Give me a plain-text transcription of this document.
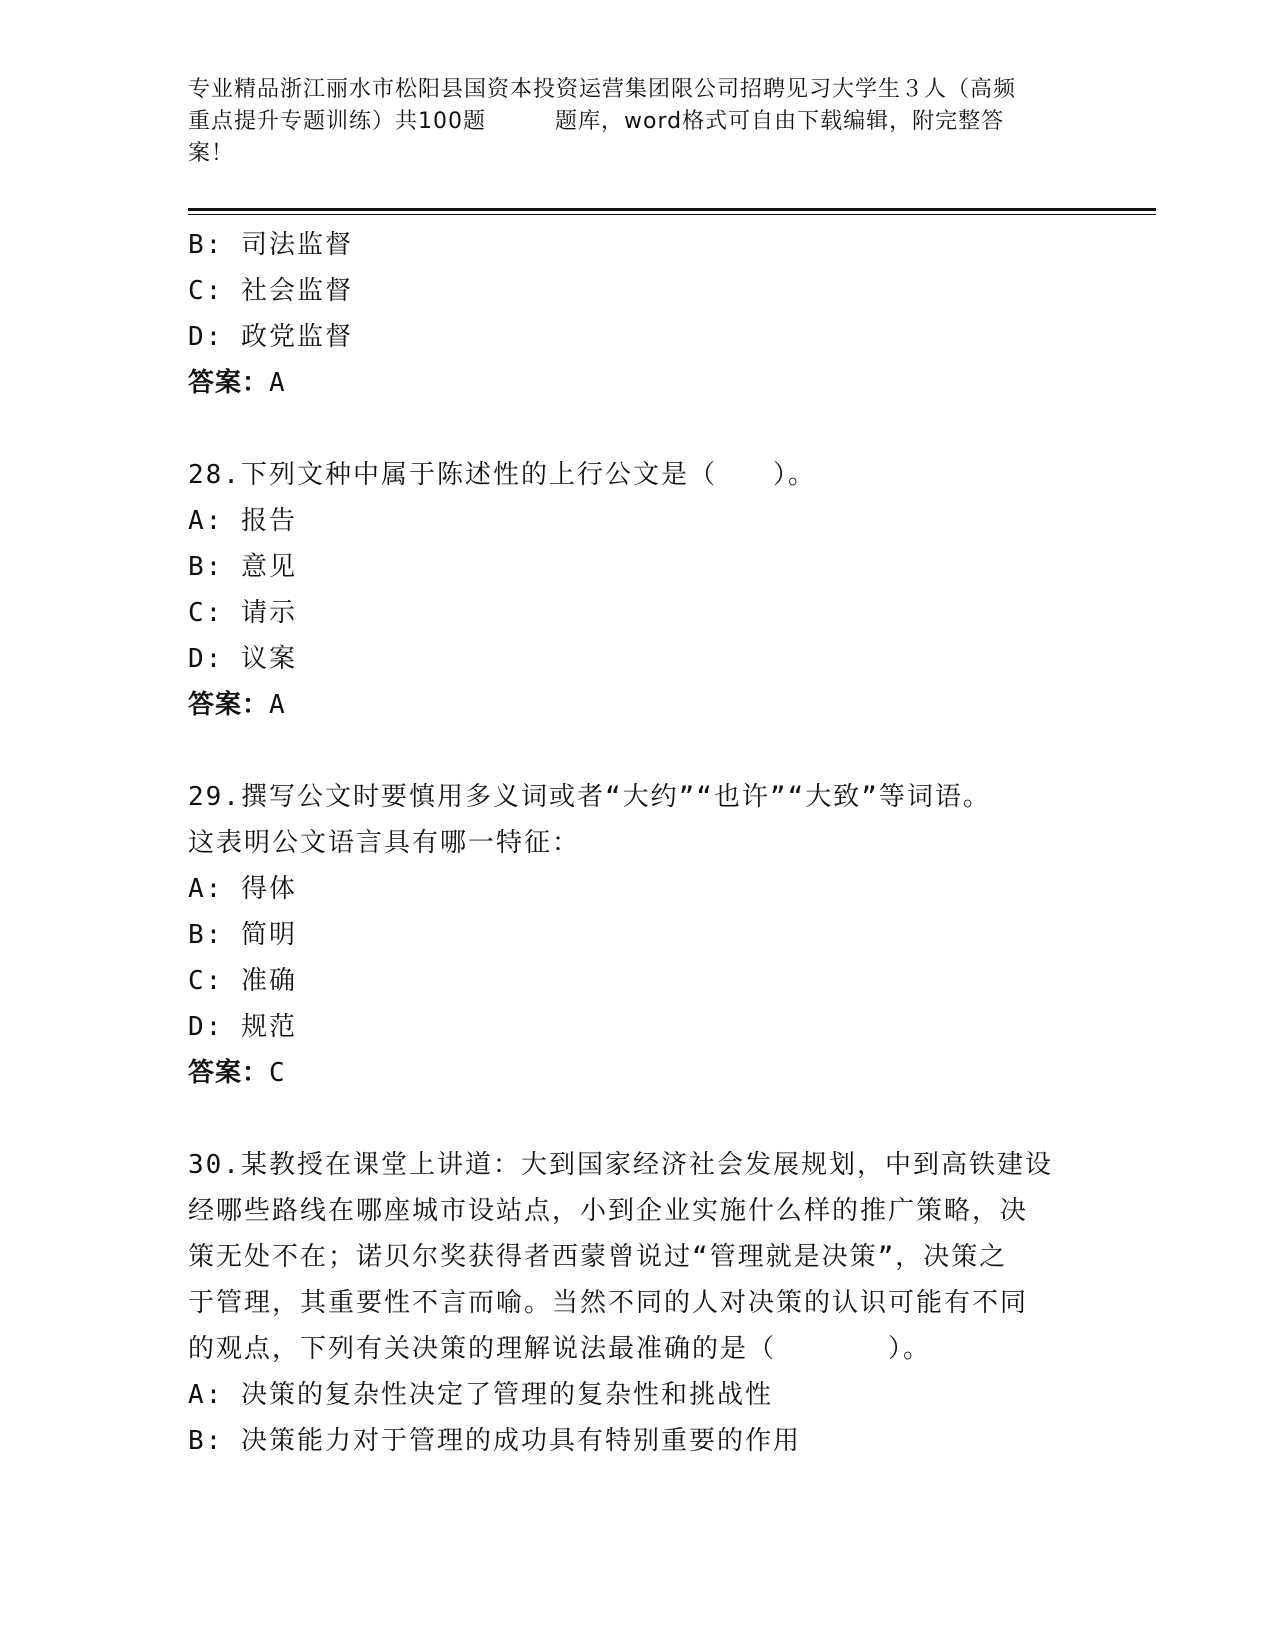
专业精品浙江丽水市松阳县国资本投资运营集团限公司招聘见习大学生３人（高频
重点提升专题训练）共100题　　　题库，word格式可自由下载编辑，附完整答
案！
B: 司法监督
C: 社会监督
D: 政党监督
答案：A
28.下列文种中属于陈述性的上行公文是（　　）。
A: 报告
B: 意见
C: 请示
D: 议案
答案：A
29.撰写公文时要慎用多义词或者“大约”“也许”“大致”等词语。
这表明公文语言具有哪一特征：
A: 得体
B: 简明
C: 准确
D: 规范
答案：C
30.某教授在课堂上讲道：大到国家经济社会发展规划，中到高铁建设
经哪些路线在哪座城市设站点，小到企业实施什么样的推广策略，决
策无处不在；诺贝尔奖获得者西蒙曾说过“管理就是决策”，决策之
于管理，其重要性不言而喻。当然不同的人对决策的认识可能有不同
的观点，下列有关决策的理解说法最准确的是（　　　　）。
A: 决策的复杂性决定了管理的复杂性和挑战性
B: 决策能力对于管理的成功具有特别重要的作用
